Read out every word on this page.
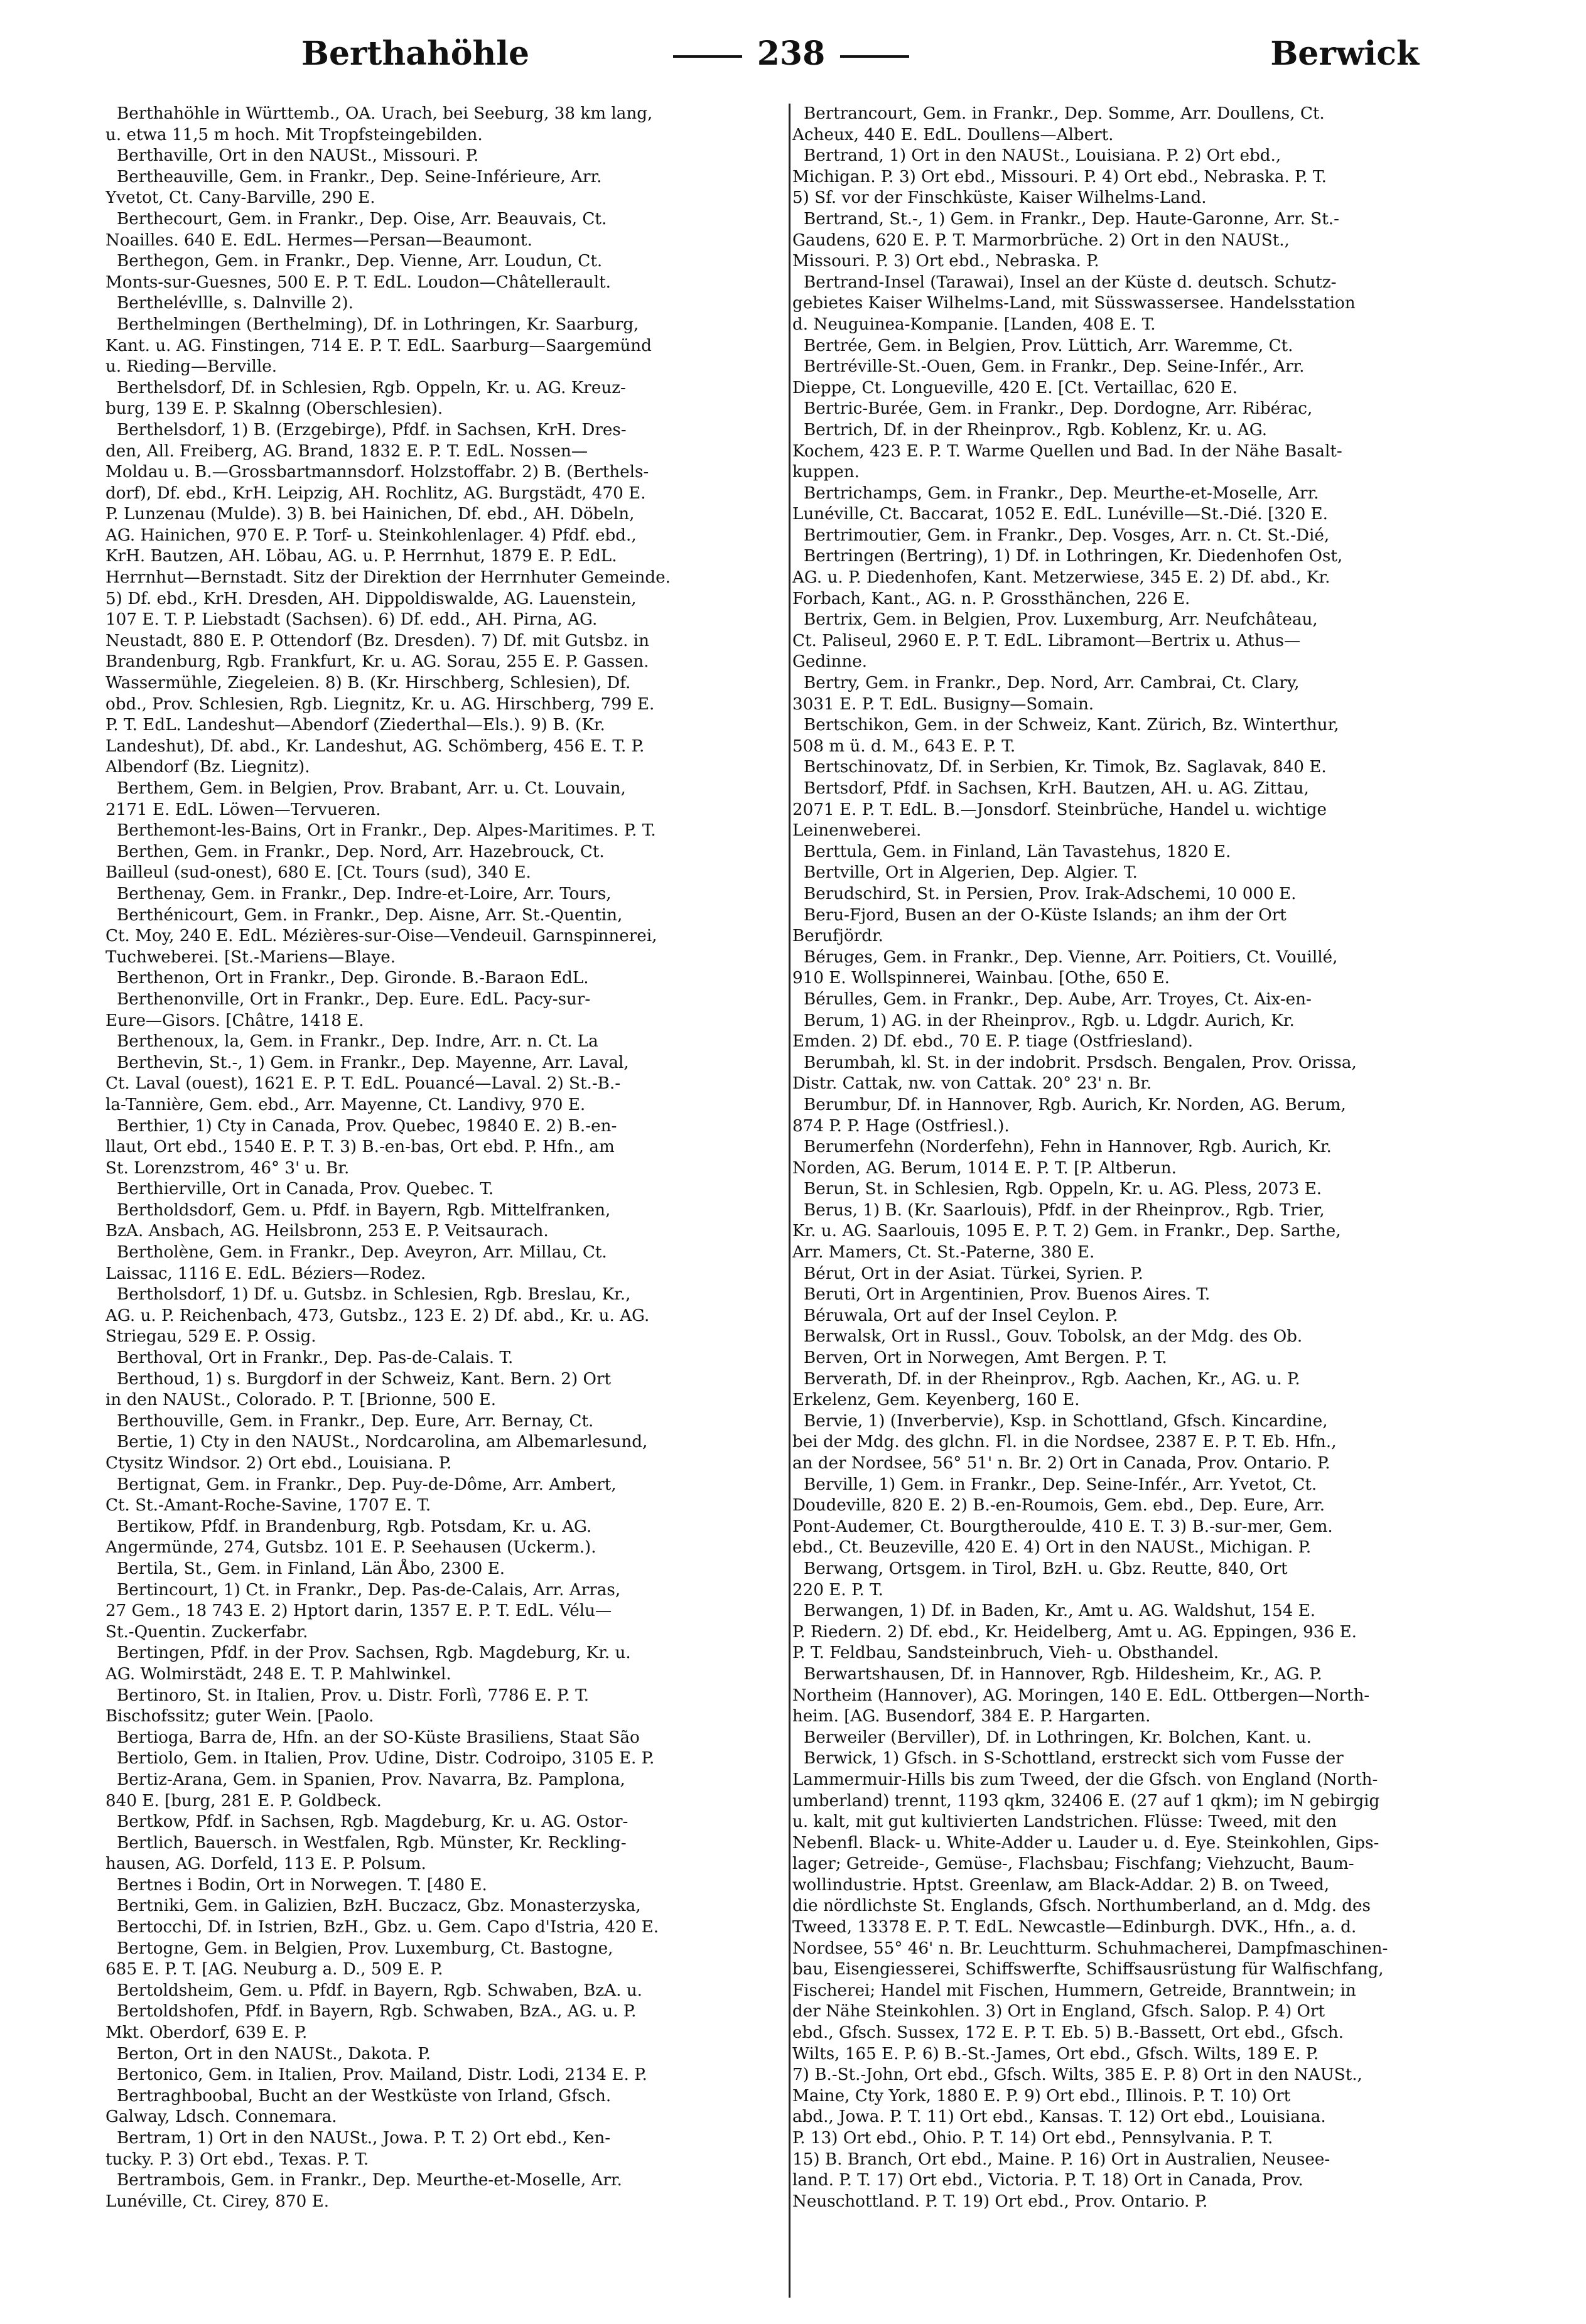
Berthahöhle	238	Berwick

Berthahöhle in Württemb., OA. Urach, bei Seeburg, 38 km lang,
u. etwa 11,5 m hoch. Mit Tropfsteingebilden.

Berthaville, Ort in den NAUSt., Missouri. P.

Bertheauville, Gem. in Frankr., Dep. Seine-Inférieure, Arr.
Yvetot, Ct. Cany-Barville, 290 E.

Berthecourt, Gem. in Frankr., Dep. Oise, Arr. Beauvais, Ct.
Noailles. 640 E. EdL. Hermes—Persan—Beaumont.

Berthegon, Gem. in Frankr., Dep. Vienne, Arr. Loudun, Ct.
Monts-sur-Guesnes, 500 E. P. T. EdL. Loudon—Châtellerault.

Berthelévllle, s. Dalnville 2).

Berthelmingen (Berthelming), Df. in Lothringen, Kr. Saarburg,
Kant. u. AG. Finstingen, 714 E. P. T. EdL. Saarburg—Saargemünd
u. Rieding—Berville.

Berthelsdorf, Df. in Schlesien, Rgb. Oppeln, Kr. u. AG. Kreuz-
burg, 139 E. P. Skalnng (Oberschlesien).

Berthelsdorf, 1) B. (Erzgebirge), Pfdf. in Sachsen, KrH. Dres-
den, All. Freiberg, AG. Brand, 1832 E. P. T. EdL. Nossen—
Moldau u. B.—Grossbartmannsdorf. Holzstoffabr. 2) B. (Berthels-
dorf), Df. ebd., KrH. Leipzig, AH. Rochlitz, AG. Burgstädt, 470 E.
P. Lunzenau (Mulde). 3) B. bei Hainichen, Df. ebd., AH. Döbeln,
AG. Hainichen, 970 E. P. Torf- u. Steinkohlenlager. 4) Pfdf. ebd.,
KrH. Bautzen, AH. Löbau, AG. u. P. Herrnhut, 1879 E. P. EdL.
Herrnhut—Bernstadt. Sitz der Direktion der Herrnhuter Gemeinde.
5) Df. ebd., KrH. Dresden, AH. Dippoldiswalde, AG. Lauenstein,
107 E. T. P. Liebstadt (Sachsen). 6) Df. edd., AH. Pirna, AG.
Neustadt, 880 E. P. Ottendorf (Bz. Dresden). 7) Df. mit Gutsbz. in
Brandenburg, Rgb. Frankfurt, Kr. u. AG. Sorau, 255 E. P. Gassen.
Wassermühle, Ziegeleien. 8) B. (Kr. Hirschberg, Schlesien), Df.
obd., Prov. Schlesien, Rgb. Liegnitz, Kr. u. AG. Hirschberg, 799 E.
P. T. EdL. Landeshut—Abendorf (Ziederthal—Els.). 9) B. (Kr.
Landeshut), Df. abd., Kr. Landeshut, AG. Schömberg, 456 E. T. P.
Albendorf (Bz. Liegnitz).

Berthem, Gem. in Belgien, Prov. Brabant, Arr. u. Ct. Louvain,
2171 E. EdL. Löwen—Tervueren.

Berthemont-les-Bains, Ort in Frankr., Dep. Alpes-Maritimes. P. T.

Berthen, Gem. in Frankr., Dep. Nord, Arr. Hazebrouck, Ct.
Bailleul (sud-onest), 680 E. [Ct. Tours (sud), 340 E.

Berthenay, Gem. in Frankr., Dep. Indre-et-Loire, Arr. Tours,

Berthénicourt, Gem. in Frankr., Dep. Aisne, Arr. St.-Quentin,
Ct. Moy, 240 E. EdL. Mézières-sur-Oise—Vendeuil. Garnspinnerei,
Tuchweberei. [St.-Mariens—Blaye.

Berthenon, Ort in Frankr., Dep. Gironde. B.-Baraon EdL.

Berthenonville, Ort in Frankr., Dep. Eure. EdL. Pacy-sur-
Eure—Gisors. [Châtre, 1418 E.

Berthenoux, la, Gem. in Frankr., Dep. Indre, Arr. n. Ct. La

Berthevin, St.-, 1) Gem. in Frankr., Dep. Mayenne, Arr. Laval,
Ct. Laval (ouest), 1621 E. P. T. EdL. Pouancé—Laval. 2) St.-B.-
la-Tannière, Gem. ebd., Arr. Mayenne, Ct. Landivy, 970 E.

Berthier, 1) Cty in Canada, Prov. Quebec, 19840 E. 2) B.-en-
llaut, Ort ebd., 1540 E. P. T. 3) B.-en-bas, Ort ebd. P. Hfn., am
St. Lorenzstrom, 46° 3' u. Br.

Berthierville, Ort in Canada, Prov. Quebec. T.

Bertholdsdorf, Gem. u. Pfdf. in Bayern, Rgb. Mittelfranken,
BzA. Ansbach, AG. Heilsbronn, 253 E. P. Veitsaurach.

Bertholène, Gem. in Frankr., Dep. Aveyron, Arr. Millau, Ct.
Laissac, 1116 E. EdL. Béziers—Rodez.

Bertholsdorf, 1) Df. u. Gutsbz. in Schlesien, Rgb. Breslau, Kr.,
AG. u. P. Reichenbach, 473, Gutsbz., 123 E. 2) Df. abd., Kr. u. AG.
Striegau, 529 E. P. Ossig.

Berthoval, Ort in Frankr., Dep. Pas-de-Calais. T.

Berthoud, 1) s. Burgdorf in der Schweiz, Kant. Bern. 2) Ort
in den NAUSt., Colorado. P. T. [Brionne, 500 E.

Berthouville, Gem. in Frankr., Dep. Eure, Arr. Bernay, Ct.

Bertie, 1) Cty in den NAUSt., Nordcarolina, am Albemarlesund,
Ctysitz Windsor. 2) Ort ebd., Louisiana. P.

Bertignat, Gem. in Frankr., Dep. Puy-de-Dôme, Arr. Ambert,
Ct. St.-Amant-Roche-Savine, 1707 E. T.

Bertikow, Pfdf. in Brandenburg, Rgb. Potsdam, Kr. u. AG.
Angermünde, 274, Gutsbz. 101 E. P. Seehausen (Uckerm.).

Bertila, St., Gem. in Finland, Län Åbo, 2300 E.

Bertincourt, 1) Ct. in Frankr., Dep. Pas-de-Calais, Arr. Arras,
27 Gem., 18 743 E. 2) Hptort darin, 1357 E. P. T. EdL. Vélu—
St.-Quentin. Zuckerfabr.

Bertingen, Pfdf. in der Prov. Sachsen, Rgb. Magdeburg, Kr. u.
AG. Wolmirstädt, 248 E. T. P. Mahlwinkel.

Bertinoro, St. in Italien, Prov. u. Distr. Forlì, 7786 E. P. T.
Bischofssitz; guter Wein. [Paolo.

Bertioga, Barra de, Hfn. an der SO-Küste Brasiliens, Staat São

Bertiolo, Gem. in Italien, Prov. Udine, Distr. Codroipo, 3105 E. P.

Bertiz-Arana, Gem. in Spanien, Prov. Navarra, Bz. Pamplona,
840 E. [burg, 281 E. P. Goldbeck.

Bertkow, Pfdf. in Sachsen, Rgb. Magdeburg, Kr. u. AG. Ostor-

Bertlich, Bauersch. in Westfalen, Rgb. Münster, Kr. Reckling-
hausen, AG. Dorfeld, 113 E. P. Polsum.

Bertnes i Bodin, Ort in Norwegen. T. [480 E.

Bertniki, Gem. in Galizien, BzH. Buczacz, Gbz. Monasterzyska,

Bertocchi, Df. in Istrien, BzH., Gbz. u. Gem. Capo d'Istria, 420 E.

Bertogne, Gem. in Belgien, Prov. Luxemburg, Ct. Bastogne,
685 E. P. T. [AG. Neuburg a. D., 509 E. P.

Bertoldsheim, Gem. u. Pfdf. in Bayern, Rgb. Schwaben, BzA. u.

Bertoldshofen, Pfdf. in Bayern, Rgb. Schwaben, BzA., AG. u. P.
Mkt. Oberdorf, 639 E. P.

Berton, Ort in den NAUSt., Dakota. P.

Bertonico, Gem. in Italien, Prov. Mailand, Distr. Lodi, 2134 E. P.

Bertraghboobal, Bucht an der Westküste von Irland, Gfsch.
Galway, Ldsch. Connemara.

Bertram, 1) Ort in den NAUSt., Jowa. P. T. 2) Ort ebd., Ken-
tucky. P. 3) Ort ebd., Texas. P. T.

Bertrambois, Gem. in Frankr., Dep. Meurthe-et-Moselle, Arr.
Lunéville, Ct. Cirey, 870 E.

Bertrancourt, Gem. in Frankr., Dep. Somme, Arr. Doullens, Ct.
Acheux, 440 E. EdL. Doullens—Albert.

Bertrand, 1) Ort in den NAUSt., Louisiana. P. 2) Ort ebd.,
Michigan. P. 3) Ort ebd., Missouri. P. 4) Ort ebd., Nebraska. P. T.
5) Sf. vor der Finschküste, Kaiser Wilhelms-Land.

Bertrand, St.-, 1) Gem. in Frankr., Dep. Haute-Garonne, Arr. St.-
Gaudens, 620 E. P. T. Marmorbrüche. 2) Ort in den NAUSt.,
Missouri. P. 3) Ort ebd., Nebraska. P.

Bertrand-Insel (Tarawai), Insel an der Küste d. deutsch. Schutz-
gebietes Kaiser Wilhelms-Land, mit Süsswassersee. Handelsstation
d. Neuguinea-Kompanie. [Landen, 408 E. T.

Bertrée, Gem. in Belgien, Prov. Lüttich, Arr. Waremme, Ct.

Bertréville-St.-Ouen, Gem. in Frankr., Dep. Seine-Infér., Arr.
Dieppe, Ct. Longueville, 420 E. [Ct. Vertaillac, 620 E.

Bertric-Burée, Gem. in Frankr., Dep. Dordogne, Arr. Ribérac,

Bertrich, Df. in der Rheinprov., Rgb. Koblenz, Kr. u. AG.
Kochem, 423 E. P. T. Warme Quellen und Bad. In der Nähe Basalt-
kuppen.

Bertrichamps, Gem. in Frankr., Dep. Meurthe-et-Moselle, Arr.
Lunéville, Ct. Baccarat, 1052 E. EdL. Lunéville—St.-Dié. [320 E.

Bertrimoutier, Gem. in Frankr., Dep. Vosges, Arr. n. Ct. St.-Dié,

Bertringen (Bertring), 1) Df. in Lothringen, Kr. Diedenhofen Ost,
AG. u. P. Diedenhofen, Kant. Metzerwiese, 345 E. 2) Df. abd., Kr.
Forbach, Kant., AG. n. P. Grossthänchen, 226 E.

Bertrix, Gem. in Belgien, Prov. Luxemburg, Arr. Neufchâteau,
Ct. Paliseul, 2960 E. P. T. EdL. Libramont—Bertrix u. Athus—
Gedinne.

Bertry, Gem. in Frankr., Dep. Nord, Arr. Cambrai, Ct. Clary,
3031 E. P. T. EdL. Busigny—Somain.

Bertschikon, Gem. in der Schweiz, Kant. Zürich, Bz. Winterthur,
508 m ü. d. M., 643 E. P. T.

Bertschinovatz, Df. in Serbien, Kr. Timok, Bz. Saglavak, 840 E.

Bertsdorf, Pfdf. in Sachsen, KrH. Bautzen, AH. u. AG. Zittau,
2071 E. P. T. EdL. B.—Jonsdorf. Steinbrüche, Handel u. wichtige
Leinenweberei.

Berttula, Gem. in Finland, Län Tavastehus, 1820 E.

Bertville, Ort in Algerien, Dep. Algier. T.

Berudschird, St. in Persien, Prov. Irak-Adschemi, 10 000 E.

Beru-Fjord, Busen an der O-Küste Islands; an ihm der Ort
Berufjördr.

Béruges, Gem. in Frankr., Dep. Vienne, Arr. Poitiers, Ct. Vouillé,
910 E. Wollspinnerei, Wainbau. [Othe, 650 E.

Bérulles, Gem. in Frankr., Dep. Aube, Arr. Troyes, Ct. Aix-en-

Berum, 1) AG. in der Rheinprov., Rgb. u. Ldgdr. Aurich, Kr.
Emden. 2) Df. ebd., 70 E. P. tiage (Ostfriesland).

Berumbah, kl. St. in der indobrit. Prsdsch. Bengalen, Prov. Orissa,
Distr. Cattak, nw. von Cattak. 20° 23' n. Br.

Berumbur, Df. in Hannover, Rgb. Aurich, Kr. Norden, AG. Berum,
874 P. P. Hage (Ostfriesl.).

Berumerfehn (Norderfehn), Fehn in Hannover, Rgb. Aurich, Kr.
Norden, AG. Berum, 1014 E. P. T. [P. Altberun.

Berun, St. in Schlesien, Rgb. Oppeln, Kr. u. AG. Pless, 2073 E.

Berus, 1) B. (Kr. Saarlouis), Pfdf. in der Rheinprov., Rgb. Trier,
Kr. u. AG. Saarlouis, 1095 E. P. T. 2) Gem. in Frankr., Dep. Sarthe,
Arr. Mamers, Ct. St.-Paterne, 380 E.

Bérut, Ort in der Asiat. Türkei, Syrien. P.

Beruti, Ort in Argentinien, Prov. Buenos Aires. T.

Béruwala, Ort auf der Insel Ceylon. P.

Berwalsk, Ort in Russl., Gouv. Tobolsk, an der Mdg. des Ob.

Berven, Ort in Norwegen, Amt Bergen. P. T.

Berverath, Df. in der Rheinprov., Rgb. Aachen, Kr., AG. u. P.
Erkelenz, Gem. Keyenberg, 160 E.

Bervie, 1) (Inverbervie), Ksp. in Schottland, Gfsch. Kincardine,
bei der Mdg. des glchn. Fl. in die Nordsee, 2387 E. P. T. Eb. Hfn.,
an der Nordsee, 56° 51' n. Br. 2) Ort in Canada, Prov. Ontario. P.

Berville, 1) Gem. in Frankr., Dep. Seine-Infér., Arr. Yvetot, Ct.
Doudeville, 820 E. 2) B.-en-Roumois, Gem. ebd., Dep. Eure, Arr.
Pont-Audemer, Ct. Bourgtheroulde, 410 E. T. 3) B.-sur-mer, Gem.
ebd., Ct. Beuzeville, 420 E. 4) Ort in den NAUSt., Michigan. P.

Berwang, Ortsgem. in Tirol, BzH. u. Gbz. Reutte, 840, Ort
220 E. P. T.

Berwangen, 1) Df. in Baden, Kr., Amt u. AG. Waldshut, 154 E.
P. Riedern. 2) Df. ebd., Kr. Heidelberg, Amt u. AG. Eppingen, 936 E.
P. T. Feldbau, Sandsteinbruch, Vieh- u. Obsthandel.

Berwartshausen, Df. in Hannover, Rgb. Hildesheim, Kr., AG. P.
Northeim (Hannover), AG. Moringen, 140 E. EdL. Ottbergen—North-
heim. [AG. Busendorf, 384 E. P. Hargarten.

Berweiler (Berviller), Df. in Lothringen, Kr. Bolchen, Kant. u.

Berwick, 1) Gfsch. in S-Schottland, erstreckt sich vom Fusse der
Lammermuir-Hills bis zum Tweed, der die Gfsch. von England (North-
umberland) trennt, 1193 qkm, 32406 E. (27 auf 1 qkm); im N gebirgig
u. kalt, mit gut kultivierten Landstrichen. Flüsse: Tweed, mit den
Nebenfl. Black- u. White-Adder u. Lauder u. d. Eye. Steinkohlen, Gips-
lager; Getreide-, Gemüse-, Flachsbau; Fischfang; Viehzucht, Baum-
wollindustrie. Hptst. Greenlaw, am Black-Addar. 2) B. on Tweed,
die nördlichste St. Englands, Gfsch. Northumberland, an d. Mdg. des
Tweed, 13378 E. P. T. EdL. Newcastle—Edinburgh. DVK., Hfn., a. d.
Nordsee, 55° 46' n. Br. Leuchtturm. Schuhmacherei, Dampfmaschinen-
bau, Eisengiesserei, Schiffswerfte, Schiffsausrüstung für Walfischfang,
Fischerei; Handel mit Fischen, Hummern, Getreide, Branntwein; in
der Nähe Steinkohlen. 3) Ort in England, Gfsch. Salop. P. 4) Ort
ebd., Gfsch. Sussex, 172 E. P. T. Eb. 5) B.-Bassett, Ort ebd., Gfsch.
Wilts, 165 E. P. 6) B.-St.-James, Ort ebd., Gfsch. Wilts, 189 E. P.
7) B.-St.-John, Ort ebd., Gfsch. Wilts, 385 E. P. 8) Ort in den NAUSt.,
Maine, Cty York, 1880 E. P. 9) Ort ebd., Illinois. P. T. 10) Ort
abd., Jowa. P. T. 11) Ort ebd., Kansas. T. 12) Ort ebd., Louisiana.
P. 13) Ort ebd., Ohio. P. T. 14) Ort ebd., Pennsylvania. P. T.
15) B. Branch, Ort ebd., Maine. P. 16) Ort in Australien, Neusee-
land. P. T. 17) Ort ebd., Victoria. P. T. 18) Ort in Canada, Prov.
Neuschottland. P. T. 19) Ort ebd., Prov. Ontario. P.
